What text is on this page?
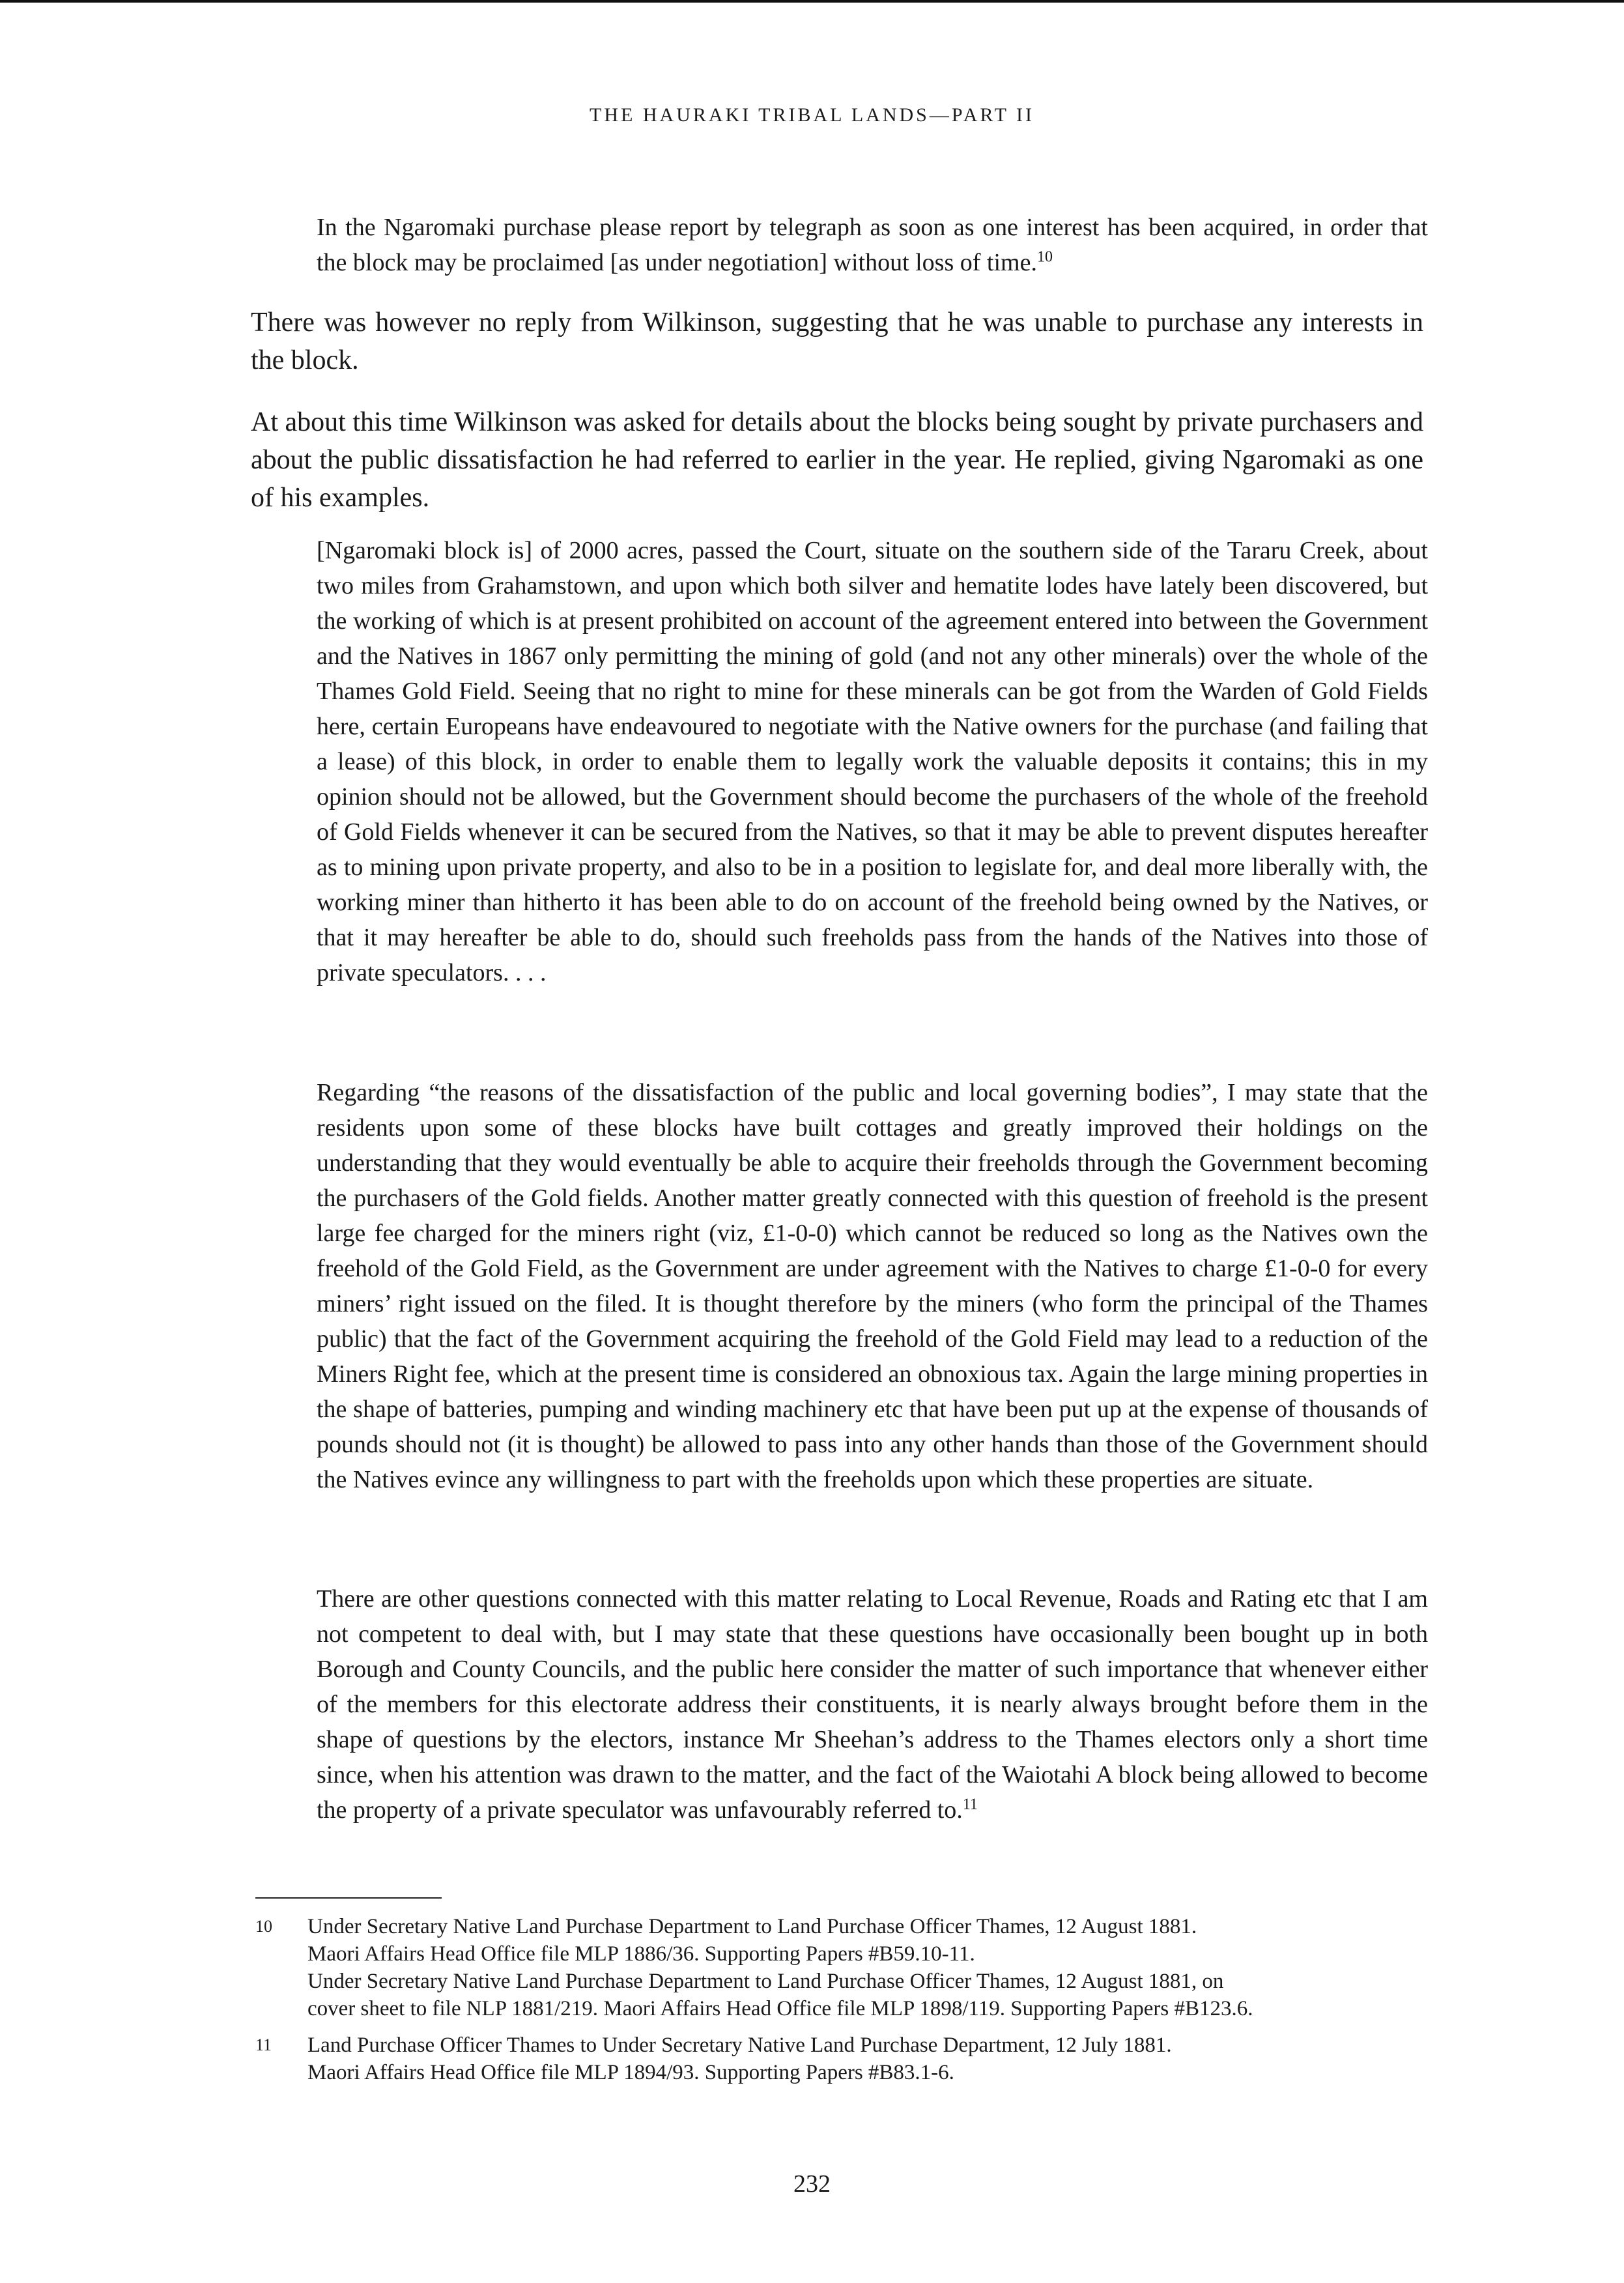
THE HAURAKI TRIBAL LANDS—PART II
In the Ngaromaki purchase please report by telegraph as soon as one interest has been acquired, in order that the block may be proclaimed [as under negotiation] without loss of time.$^{10}$

There was however no reply from Wilkinson, suggesting that he was unable to purchase any interests in the block.

At about this time Wilkinson was asked for details about the blocks being sought by private purchasers and about the public dissatisfaction he had referred to earlier in the year. He replied, giving Ngaromaki as one of his examples.

[Ngaromaki block is] of 2000 acres, passed the Court, situate on the southern side of the Tararu Creek, about two miles from Grahamstown, and upon which both silver and hematite lodes have lately been discovered, but the working of which is at present prohibited on account of the agreement entered into between the Government and the Natives in 1867 only permitting the mining of gold (and not any other minerals) over the whole of the Thames Gold Field. Seeing that no right to mine for these minerals can be got from the Warden of Gold Fields here, certain Europeans have endeavoured to negotiate with the Native owners for the purchase (and failing that a lease) of this block, in order to enable them to legally work the valuable deposits it contains; this in my opinion should not be allowed, but the Government should become the purchasers of the whole of the freehold of Gold Fields whenever it can be secured from the Natives, so that it may be able to prevent disputes hereafter as to mining upon private property, and also to be in a position to legislate for, and deal more liberally with, the working miner than hitherto it has been able to do on account of the freehold being owned by the Natives, or that it may hereafter be able to do, should such freeholds pass from the hands of the Natives into those of private speculators. . . .

Regarding “the reasons of the dissatisfaction of the public and local governing bodies”, I may state that the residents upon some of these blocks have built cottages and greatly improved their holdings on the understanding that they would eventually be able to acquire their freeholds through the Government becoming the purchasers of the Gold fields. Another matter greatly connected with this question of freehold is the present large fee charged for the miners right (viz, £1-0-0) which cannot be reduced so long as the Natives own the freehold of the Gold Field, as the Government are under agreement with the Natives to charge £1-0-0 for every miners’ right issued on the filed. It is thought therefore by the miners (who form the principal of the Thames public) that the fact of the Government acquiring the freehold of the Gold Field may lead to a reduction of the Miners Right fee, which at the present time is considered an obnoxious tax. Again the large mining properties in the shape of batteries, pumping and winding machinery etc that have been put up at the expense of thousands of pounds should not (it is thought) be allowed to pass into any other hands than those of the Government should the Natives evince any willingness to part with the freeholds upon which these properties are situate.

There are other questions connected with this matter relating to Local Revenue, Roads and Rating etc that I am not competent to deal with, but I may state that these questions have occasionally been bought up in both Borough and County Councils, and the public here consider the matter of such importance that whenever either of the members for this electorate address their constituents, it is nearly always brought before them in the shape of questions by the electors, instance Mr Sheehan’s address to the Thames electors only a short time since, when his attention was drawn to the matter, and the fact of the Waiotahi A block being allowed to become the property of a private speculator was unfavourably referred to.$^{11}$
10	Under Secretary Native Land Purchase Department to Land Purchase Officer Thames, 12 August 1881.
Maori Affairs Head Office file MLP 1886/36. Supporting Papers #B59.10-11.
Under Secretary Native Land Purchase Department to Land Purchase Officer Thames, 12 August 1881, on
cover sheet to file NLP 1881/219. Maori Affairs Head Office file MLP 1898/119. Supporting Papers #B123.6.
11	Land Purchase Officer Thames to Under Secretary Native Land Purchase Department, 12 July 1881.
Maori Affairs Head Office file MLP 1894/93. Supporting Papers #B83.1-6.
232
